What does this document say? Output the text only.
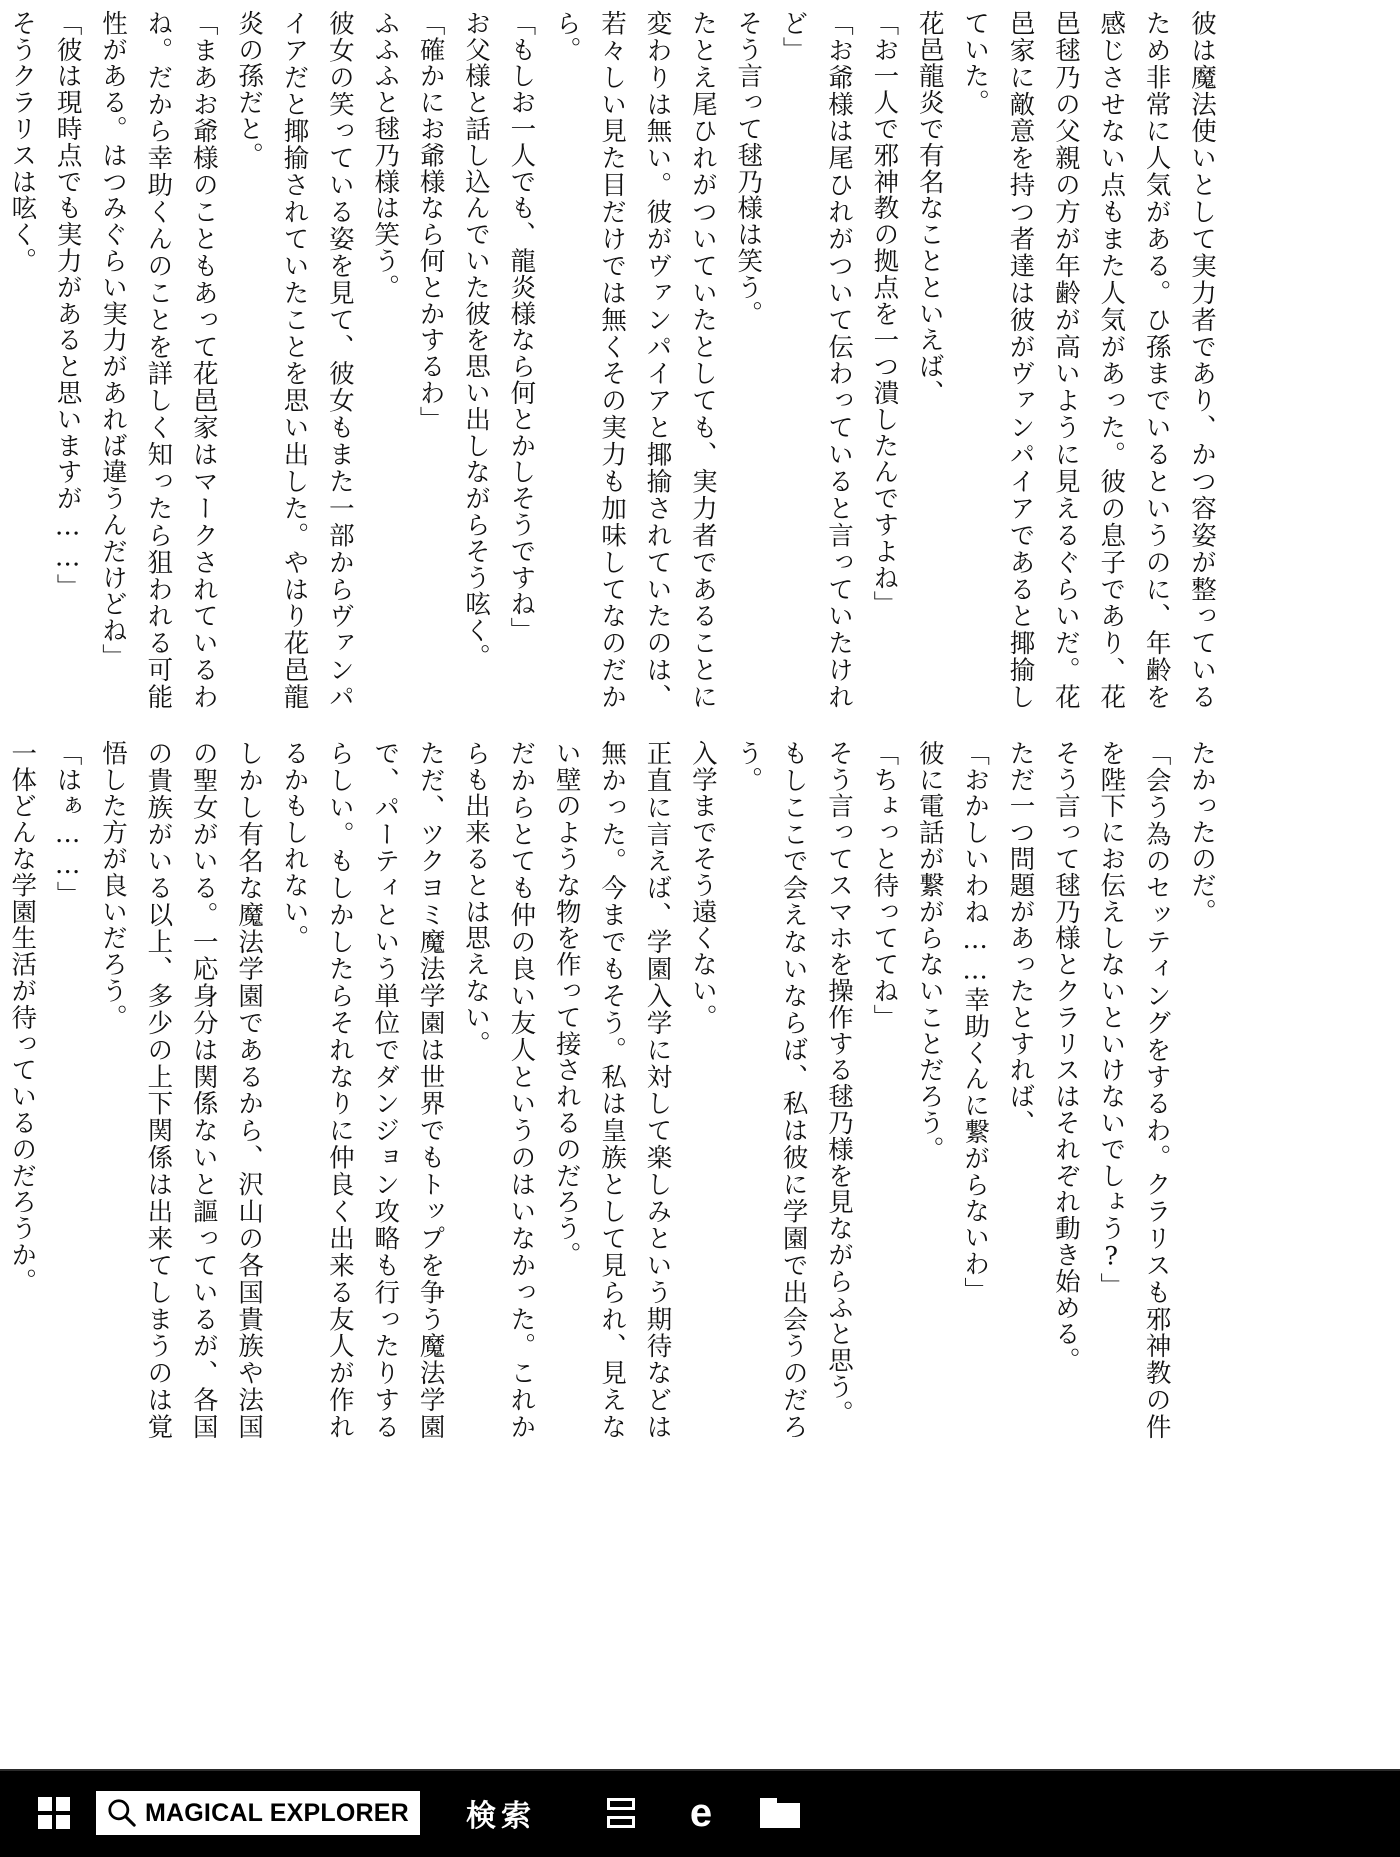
彼は魔法使いとして実力者であり、かつ容姿が整っているため非常に人気がある。ひ孫までいるというのに、年齢を感じさせない点もまた人気があった。彼の息子であり、花邑毬乃の父親の方が年齢が高いように見えるぐらいだ。花邑家に敵意を持つ者達は彼がヴァンパイアであると揶揄していた。

花邑龍炎で有名なことといえば、

「お一人で邪神教の拠点を一つ潰したんですよね」

「お爺様は尾ひれがついて伝わっていると言っていたけれど」

そう言って毬乃様は笑う。

たとえ尾ひれがついていたとしても、実力者であることに変わりは無い。彼がヴァンパイアと揶揄されていたのは、若々しい見た目だけでは無くその実力も加味してなのだから。

「もしお一人でも、龍炎様なら何とかしそうですね」

お父様と話し込んでいた彼を思い出しながらそう呟く。

「確かにお爺様なら何とかするわ」

ふふふと毬乃様は笑う。

彼女の笑っている姿を見て、彼女もまた一部からヴァンパイアだと揶揄されていたことを思い出した。やはり花邑龍炎の孫だと。

「まあお爺様のこともあって花邑家はマークされているわね。だから幸助くんのことを詳しく知ったら狙われる可能性がある。はつみぐらい実力があれば違うんだけどね」

「彼は現時点でも実力があると思いますが……」

そうクラリスは呟く。

たかったのだ。

「会う為のセッティングをするわ。クラリスも邪神教の件を陛下にお伝えしないといけないでしょう?」

そう言って毬乃様とクラリスはそれぞれ動き始める。

ただ一つ問題があったとすれば、

「おかしいわね……幸助くんに繋がらないわ」

彼に電話が繋がらないことだろう。

「ちょっと待っててね」

そう言ってスマホを操作する毬乃様を見ながらふと思う。

もしここで会えないならば、私は彼に学園で出会うのだろう。

入学までそう遠くない。

正直に言えば、学園入学に対して楽しみという期待などは無かった。今までもそう。私は皇族として見られ、見えない壁のような物を作って接されるのだろう。

だからとても仲の良い友人というのはいなかった。これからも出来るとは思えない。

ただ、ツクヨミ魔法学園は世界でもトップを争う魔法学園で、パーティという単位でダンジョン攻略も行ったりするらしい。もしかしたらそれなりに仲良く出来る友人が作れるかもしれない。

しかし有名な魔法学園であるから、沢山の各国貴族や法国の聖女がいる。一応身分は関係ないと謳っているが、各国の貴族がいる以上、多少の上下関係は出来てしまうのは覚悟した方が良いだろう。

「はぁ……」

一体どんな学園生活が待っているのだろうか。

MAGICAL EXPLORER 検索	e
